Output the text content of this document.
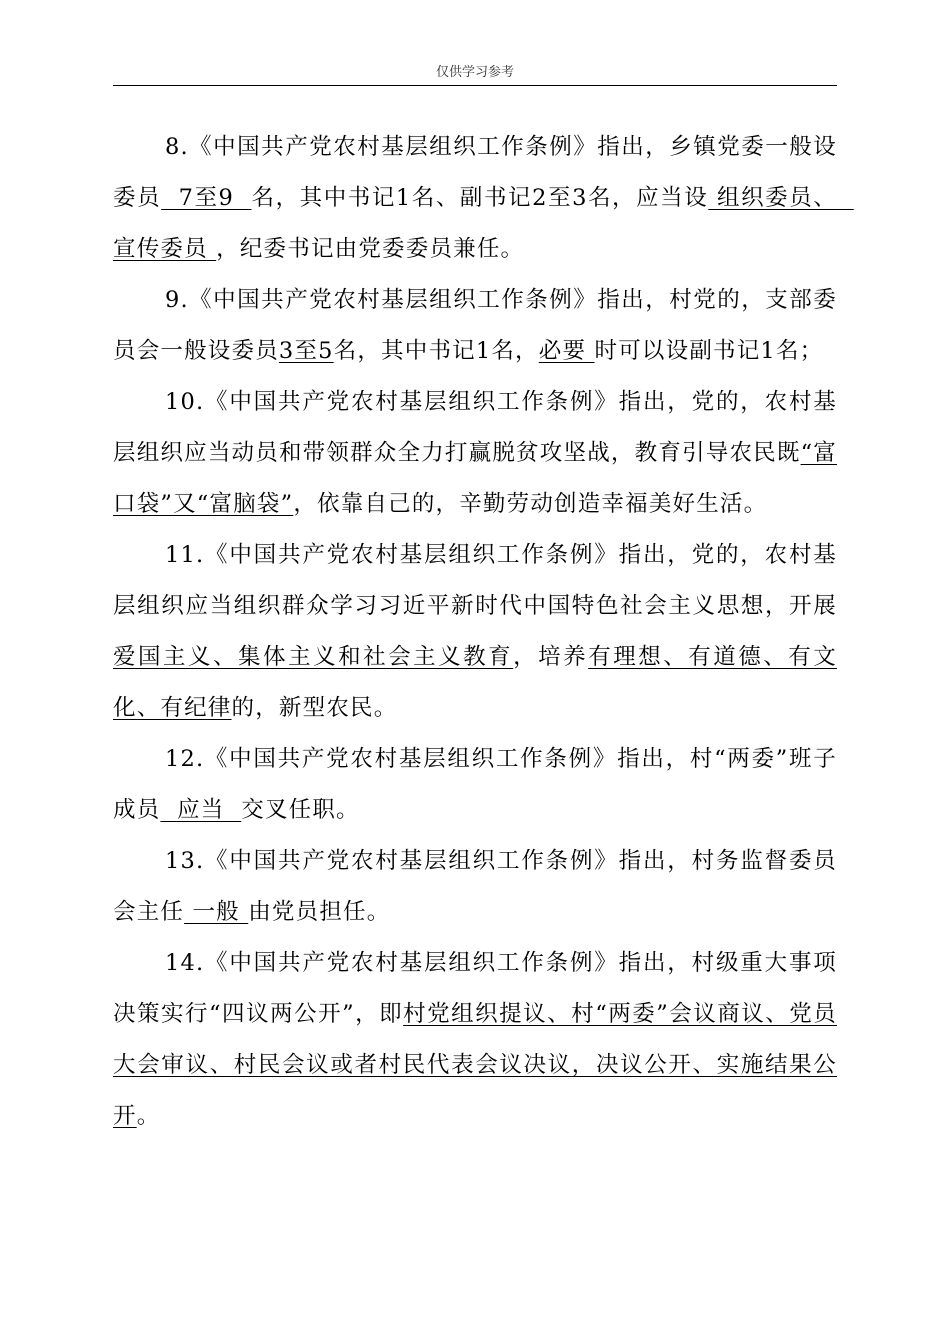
仅供学习参考

8.《中国共产党农村基层组织工作条例》指出，乡镇党委一般设委员  7至9  名，其中书记1名、副书记2至3名，应当设 组织委员、  宣传委员 ，纪委书记由党委委员兼任。

9.《中国共产党农村基层组织工作条例》指出，村党的，支部委员会一般设委员3至5名，其中书记1名，必要 时可以设副书记1名；

10.《中国共产党农村基层组织工作条例》指出，党的，农村基层组织应当动员和带领群众全力打赢脱贫攻坚战，教育引导农民既“富口袋”又“富脑袋”，依靠自己的，辛勤劳动创造幸福美好生活。

11.《中国共产党农村基层组织工作条例》指出，党的，农村基层组织应当组织群众学习习近平新时代中国特色社会主义思想，开展爱国主义、集体主义和社会主义教育，培养有理想、有道德、有文化、有纪律的，新型农民。

12.《中国共产党农村基层组织工作条例》指出，村“两委”班子成员  应当  交叉任职。

13.《中国共产党农村基层组织工作条例》指出，村务监督委员会主任 一般 由党员担任。

14.《中国共产党农村基层组织工作条例》指出，村级重大事项决策实行“四议两公开”，即村党组织提议、村“两委”会议商议、党员大会审议、村民会议或者村民代表会议决议，决议公开、实施结果公开。
